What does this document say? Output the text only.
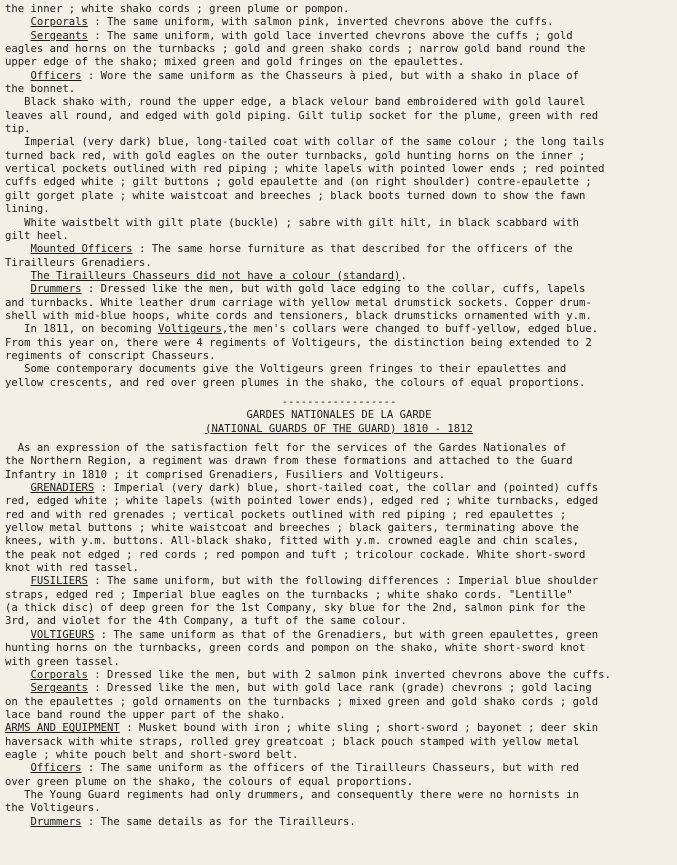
the inner ; white shako cords ; green plume or pompon.

Corporals : The same uniform, with salmon pink, inverted chevrons above the cuffs.

Sergeants : The same uniform, with gold lace inverted chevrons above the cuffs ; gold
eagles and horns on the turnbacks ; gold and green shako cords ; narrow gold band round the
upper edge of the shako; mixed green and gold fringes on the epaulettes.

Officers : Wore the same uniform as the Chasseurs à pied, but with a shako in place of
the bonnet.

Black shako with, round the upper edge, a black velour band embroidered with gold laurel
leaves all round, and edged with gold piping. Gilt tulip socket for the plume, green with red
tip.

Imperial (very dark) blue, long-tailed coat with collar of the same colour ; the long tails
turned back red, with gold eagles on the outer turnbacks, gold hunting horns on the inner ;
vertical pockets outlined with red piping ; white lapels with pointed lower ends ; red pointed
cuffs edged white ; gilt buttons ; gold epaulette and (on right shoulder) contre-epaulette ;
gilt gorget plate ; white waistcoat and breeches ; black boots turned down to show the fawn
lining.

White waistbelt with gilt plate (buckle) ; sabre with gilt hilt, in black scabbard with
gilt heel.

Mounted Officers : The same horse furniture as that described for the officers of the
Tirailleurs Grenadiers.

The Tirailleurs Chasseurs did not have a colour (standard).

Drummers : Dressed like the men, but with gold lace edging to the collar, cuffs, lapels
and turnbacks. White leather drum carriage with yellow metal drumstick sockets. Copper drum-
shell with mid-blue hoops, white cords and tensioners, black drumsticks ornamented with y.m.

In 1811, on becoming Voltigeurs,the men's collars were changed to buff-yellow, edged blue.
From this year on, there were 4 regiments of Voltigeurs, the distinction being extended to 2
regiments of conscript Chasseurs.

Some contemporary documents give the Voltigeurs green fringes to their epaulettes and
yellow crescents, and red over green plumes in the shako, the colours of equal proportions.

------------------

GARDES NATIONALES DE LA GARDE

(NATIONAL GUARDS OF THE GUARD) 1810 - 1812

As an expression of the satisfaction felt for the services of the Gardes Nationales of
the Northern Region, a regiment was drawn from these formations and attached to the Guard
Infantry in 1810 ; it comprised Grenadiers, Fusiliers and Voltigeurs.

GRENADIERS : Imperial (very dark) blue, short-tailed coat, the collar and (pointed) cuffs
red, edged white ; white lapels (with pointed lower ends), edged red ; white turnbacks, edged
red and with red grenades ; vertical pockets outlined with red piping ; red epaulettes ;
yellow metal buttons ; white waistcoat and breeches ; black gaiters, terminating above the
knees, with y.m. buttons. All-black shako, fitted with y.m. crowned eagle and chin scales,
the peak not edged ; red cords ; red pompon and tuft ; tricolour cockade. White short-sword
knot with red tassel.

FUSILIERS : The same uniform, but with the following differences : Imperial blue shoulder
straps, edged red ; Imperial blue eagles on the turnbacks ; white shako cords. "Lentille"
(a thick disc) of deep green for the 1st Company, sky blue for the 2nd, salmon pink for the
3rd, and violet for the 4th Company, a tuft of the same colour.

VOLTIGEURS : The same uniform as that of the Grenadiers, but with green epaulettes, green
hunting horns on the turnbacks, green cords and pompon on the shako, white short-sword knot
with green tassel.

Corporals : Dressed like the men, but with 2 salmon pink inverted chevrons above the cuffs.

Sergeants : Dressed like the men, but with gold lace rank (grade) chevrons ; gold lacing
on the epaulettes ; gold ornaments on the turnbacks ; mixed green and gold shako cords ; gold
lace band round the upper part of the shako.

ARMS AND EQUIPMENT : Musket bound with iron ; white sling ; short-sword ; bayonet ; deer skin
haversack with white straps, rolled grey greatcoat ; black pouch stamped with yellow metal
eagle ; white pouch belt and short-sword belt.

Officers : The same uniform as the officers of the Tirailleurs Chasseurs, but with red
over green plume on the shako, the colours of equal proportions.

The Young Guard regiments had only drummers, and consequently there were no hornists in
the Voltigeurs.

Drummers : The same details as for the Tirailleurs.
